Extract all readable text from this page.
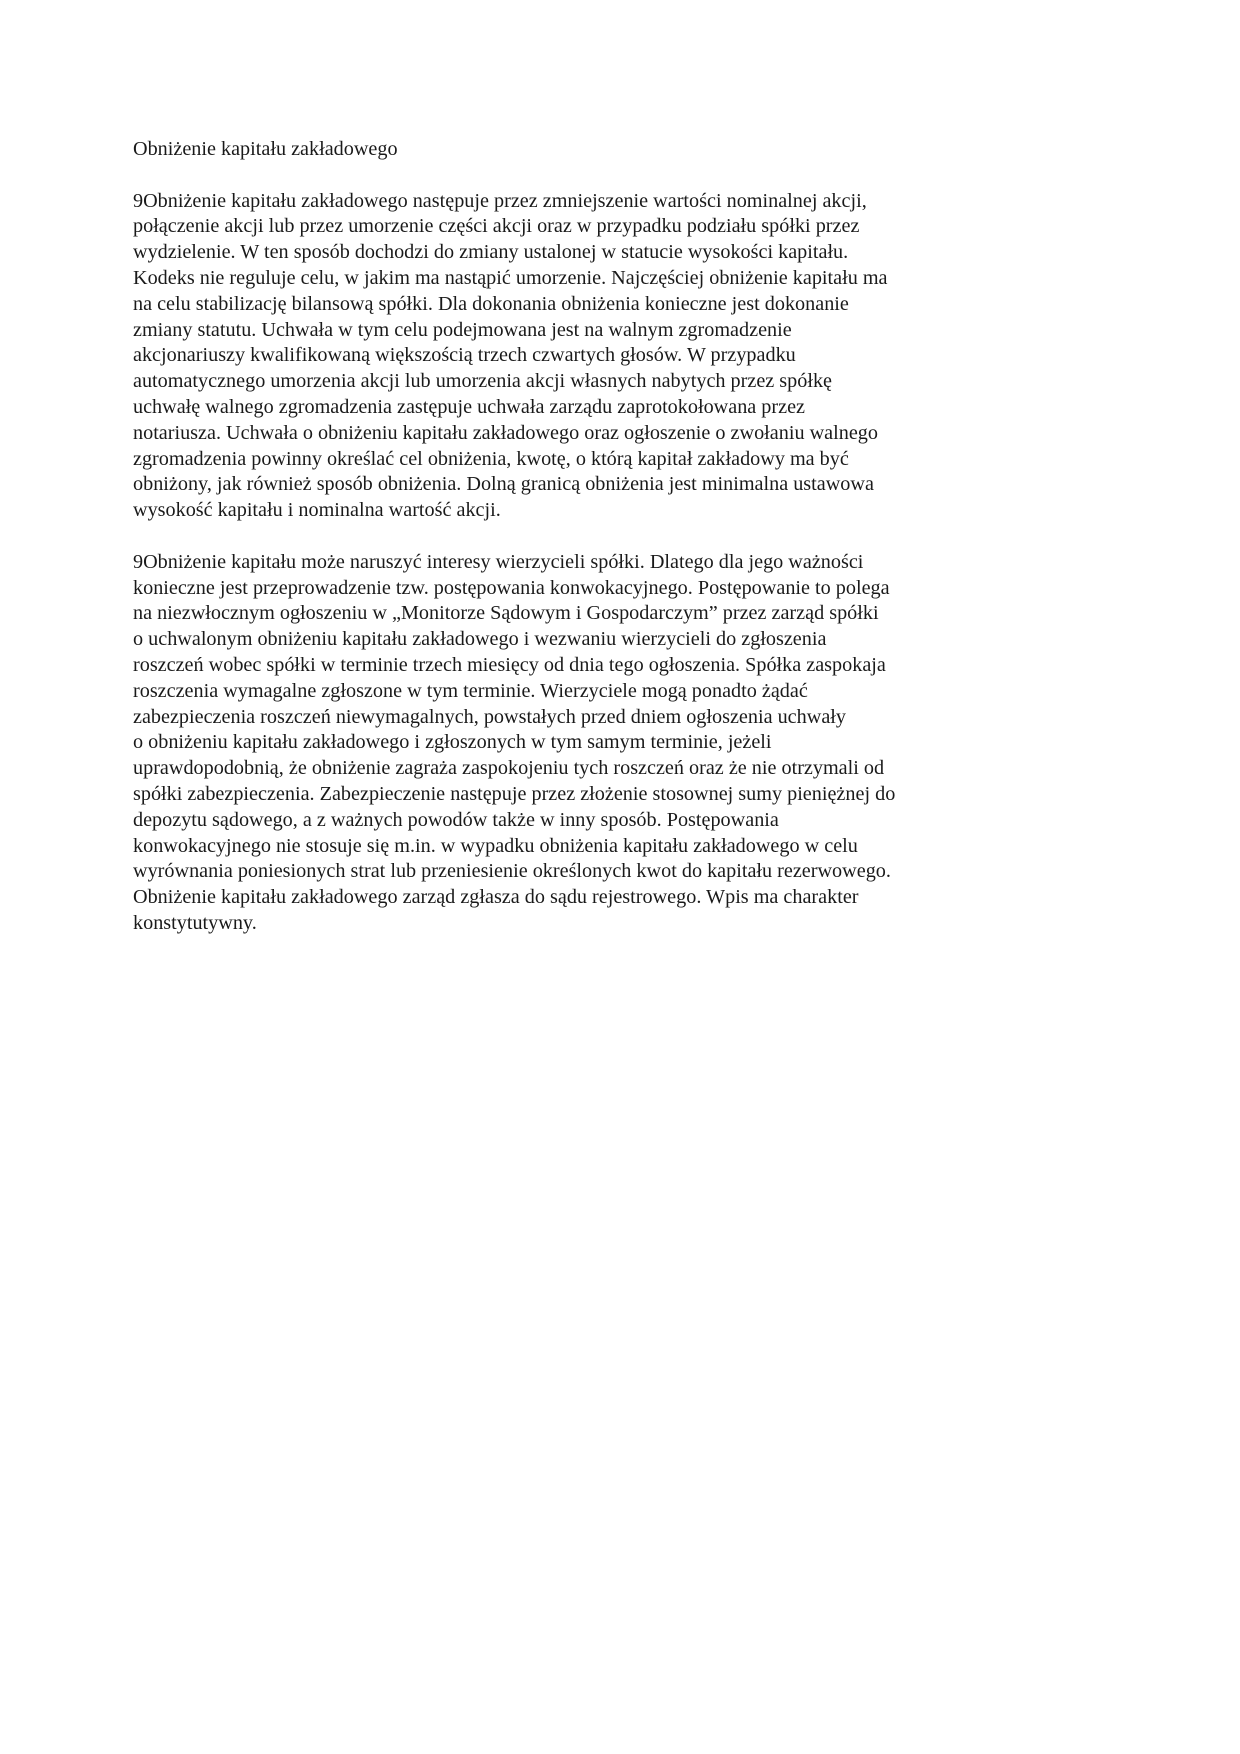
Obniżenie kapitału zakładowego

9Obniżenie kapitału zakładowego następuje przez zmniejszenie wartości nominalnej akcji,
połączenie akcji lub przez umorzenie części akcji oraz w przypadku podziału spółki przez
wydzielenie. W ten sposób dochodzi do zmiany ustalonej w statucie wysokości kapitału.
Kodeks nie reguluje celu, w jakim ma nastąpić umorzenie. Najczęściej obniżenie kapitału ma
na celu stabilizację bilansową spółki. Dla dokonania obniżenia konieczne jest dokonanie
zmiany statutu. Uchwała w tym celu podejmowana jest na walnym zgromadzenie
akcjonariuszy kwalifikowaną większością trzech czwartych głosów. W przypadku
automatycznego umorzenia akcji lub umorzenia akcji własnych nabytych przez spółkę
uchwałę walnego zgromadzenia zastępuje uchwała zarządu zaprotokołowana przez
notariusza. Uchwała o obniżeniu kapitału zakładowego oraz ogłoszenie o zwołaniu walnego
zgromadzenia powinny określać cel obniżenia, kwotę, o którą kapitał zakładowy ma być
obniżony, jak również sposób obniżenia. Dolną granicą obniżenia jest minimalna ustawowa
wysokość kapitału i nominalna wartość akcji.

9Obniżenie kapitału może naruszyć interesy wierzycieli spółki. Dlatego dla jego ważności
konieczne jest przeprowadzenie tzw. postępowania konwokacyjnego. Postępowanie to polega
na niezwłocznym ogłoszeniu w „Monitorze Sądowym i Gospodarczym” przez zarząd spółki
o uchwalonym obniżeniu kapitału zakładowego i wezwaniu wierzycieli do zgłoszenia
roszczeń wobec spółki w terminie trzech miesięcy od dnia tego ogłoszenia. Spółka zaspokaja
roszczenia wymagalne zgłoszone w tym terminie. Wierzyciele mogą ponadto żądać
zabezpieczenia roszczeń niewymagalnych, powstałych przed dniem ogłoszenia uchwały
o obniżeniu kapitału zakładowego i zgłoszonych w tym samym terminie, jeżeli
uprawdopodobnią, że obniżenie zagraża zaspokojeniu tych roszczeń oraz że nie otrzymali od
spółki zabezpieczenia. Zabezpieczenie następuje przez złożenie stosownej sumy pieniężnej do
depozytu sądowego, a z ważnych powodów także w inny sposób. Postępowania
konwokacyjnego nie stosuje się m.in. w wypadku obniżenia kapitału zakładowego w celu
wyrównania poniesionych strat lub przeniesienie określonych kwot do kapitału rezerwowego.
Obniżenie kapitału zakładowego zarząd zgłasza do sądu rejestrowego. Wpis ma charakter
konstytutywny.
